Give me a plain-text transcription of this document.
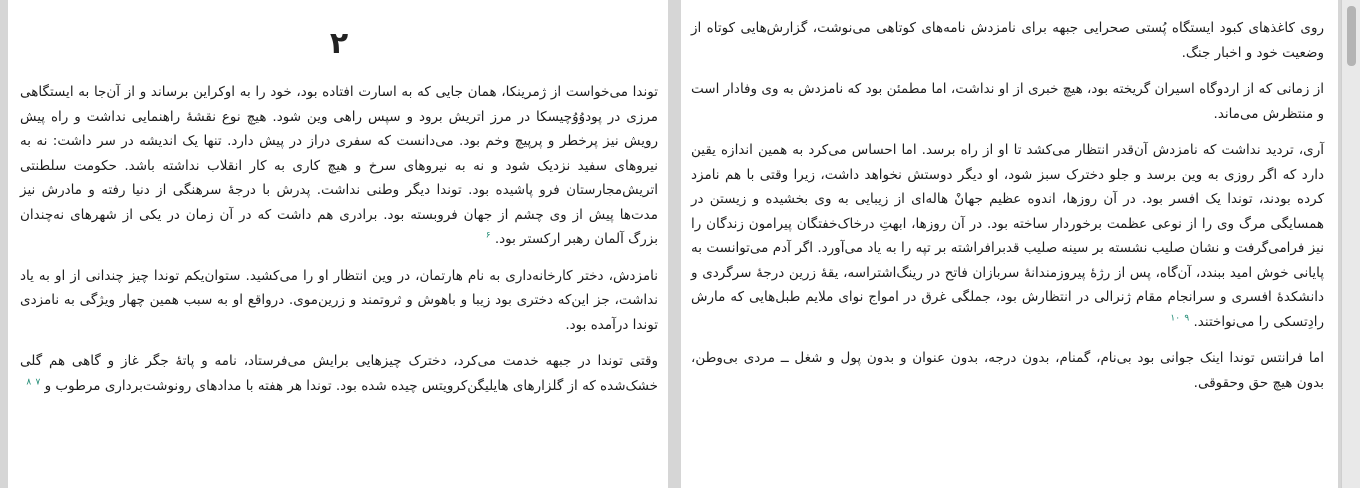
۲

توندا می‌خواست از ژمرینکا، همان جایی که به اسارت افتاده بود، خود را به اوکراین برساند و از آن‌جا به ایستگاهی مرزی در پودوُوُچیسکا در مرز اتریش برود و سپس راهی وین شود. هیچ نوع نقشهٔ راهنمایی نداشت و راه پیش رویش نیز پرخطر و پرپیچ وخم بود. می‌دانست که سفری دراز در پیش دارد. تنها یک اندیشه در سر داشت: نه به نیروهای سفید نزدیک شود و نه به نیروهای سرخ و هیچ کاری به کار انقلاب نداشته باشد. حکومت سلطنتی اتریش‌مجارستان فرو پاشیده بود. توندا دیگر وطنی نداشت. پدرش با درجهٔ سرهنگی از دنیا رفته و مادرش نیز مدت‌ها پیش از وی چشم از جهان فروبسته بود. برادری هم داشت که در آن زمان در یکی از شهرهای نه‌چندان بزرگ آلمان رهبر ارکستر بود. $^۶$

نامزدش، دختر کارخانه‌داری به نام هارتمان، در وین انتظار او را می‌کشید. ستوان‌یکم توندا چیز چندانی از او به یاد نداشت، جز این‌که دختری بود زیبا و باهوش و ثروتمند و زرین‌موی. درواقع او به سبب همین چهار ویژگی به نامزدی توندا درآمده بود.

وقتی توندا در جبهه خدمت می‌کرد، دخترک چیزهایی برایش می‌فرستاد، نامه و پاتهٔ جگر غاز و گاهی هم گلی خشک‌شده که از گلزارهای هایلیگن‌کرویتس چیده شده بود. توندا هر هفته با مدادهای رونوشت‌برداری مرطوب و $^۷$ $^۸$

روی کاغذهای کبود ایستگاه پُستی صحرایی جبهه برای نامزدش نامه‌های کوتاهی می‌نوشت، گزارش‌هایی کوتاه از وضعیت خود و اخبار جنگ.

از زمانی که از اردوگاه اسیران گریخته بود، هیچ خبری از او نداشت، اما مطمئن بود که نامزدش به وی وفادار است و منتظرش می‌ماند.

آری، تردید نداشت که نامزدش آن‌قدر انتظار می‌کشد تا او از راه برسد. اما احساس می‌کرد به همین اندازه یقین دارد که اگر روزی به وین برسد و جلو دخترک سبز شود، او دیگر دوستش نخواهد داشت، زیرا وقتی با هم نامزد کرده بودند، توندا یک افسر بود. در آن روزها، اندوه عظیم جهانْ هاله‌ای از زیبایی به وی بخشیده و زیستن در همسایگی مرگ وی را از نوعی عظمت برخوردار ساخته بود. در آن روزها، ابهتِ درخاک‌خفتگان پیرامون زندگان را نیز فرامی‌گرفت و نشان صلیب نشسته بر سینه صلیب قدبرافراشته بر تپه را به یاد می‌آورد. اگر آدم می‌توانست به پایانی خوش امید ببندد، آن‌گاه، پس از رژهٔ پیروزمندانهٔ سربازان فاتح در رینگ‌اشتراسه، یقهٔ زرین درجهٔ سرگردی و دانشکدهٔ افسری و سرانجام مقام ژنرالی در انتظارش بود، جملگی غرق در امواج نوای ملایم طبل‌هایی که مارش رادِتسکی را می‌نواختند. $^۹$ $^{۱۰}$

اما فرانتس توندا اینک جوانی بود بی‌نام، گمنام، بدون درجه، بدون عنوان و بدون پول و شغل ــ مردی بی‌وطن، بدون هیچ حق وحقوقی.
